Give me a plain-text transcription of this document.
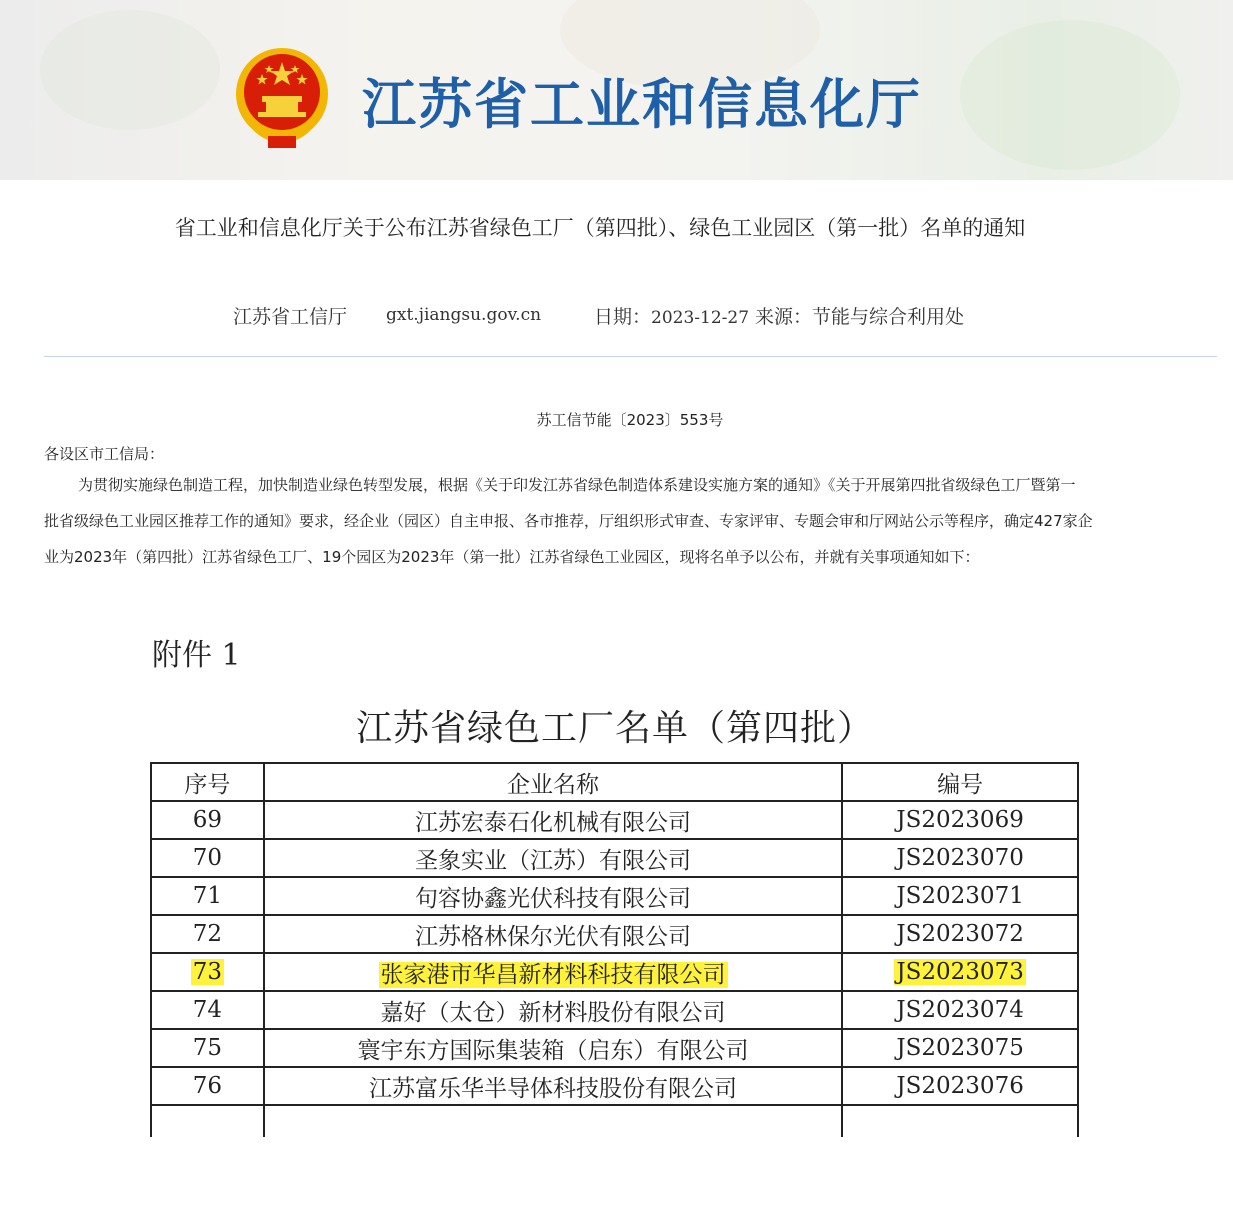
江苏省工业和信息化厅
省工业和信息化厅关于公布江苏省绿色工厂（第四批）、绿色工业园区（第一批）名单的通知
江苏省工信厅 gxt.jiangsu.gov.cn	日期：2023-12-27 来源：节能与综合利用处
苏工信节能〔2023〕553号
各设区市工信局：
为贯彻实施绿色制造工程，加快制造业绿色转型发展，根据《关于印发江苏省绿色制造体系建设实施方案的通知》《关于开展第四批省级绿色工厂暨第一
批省级绿色工业园区推荐工作的通知》要求，经企业（园区）自主申报、各市推荐，厅组织形式审查、专家评审、专题会审和厅网站公示等程序，确定427家企
业为2023年（第四批）江苏省绿色工厂、19个园区为2023年（第一批）江苏省绿色工业园区，现将名单予以公布，并就有关事项通知如下：
附件 1
江苏省绿色工厂名单（第四批）
序号	企业名称	编号
69	江苏宏泰石化机械有限公司	JS2023069
70	圣象实业（江苏）有限公司	JS2023070
71	句容协鑫光伏科技有限公司	JS2023071
72	江苏格林保尔光伏有限公司	JS2023072
73	张家港市华昌新材料科技有限公司	JS2023073
74	嘉好（太仓）新材料股份有限公司	JS2023074
75	寰宇东方国际集装箱（启东）有限公司	JS2023075
76	江苏富乐华半导体科技股份有限公司	JS2023076
